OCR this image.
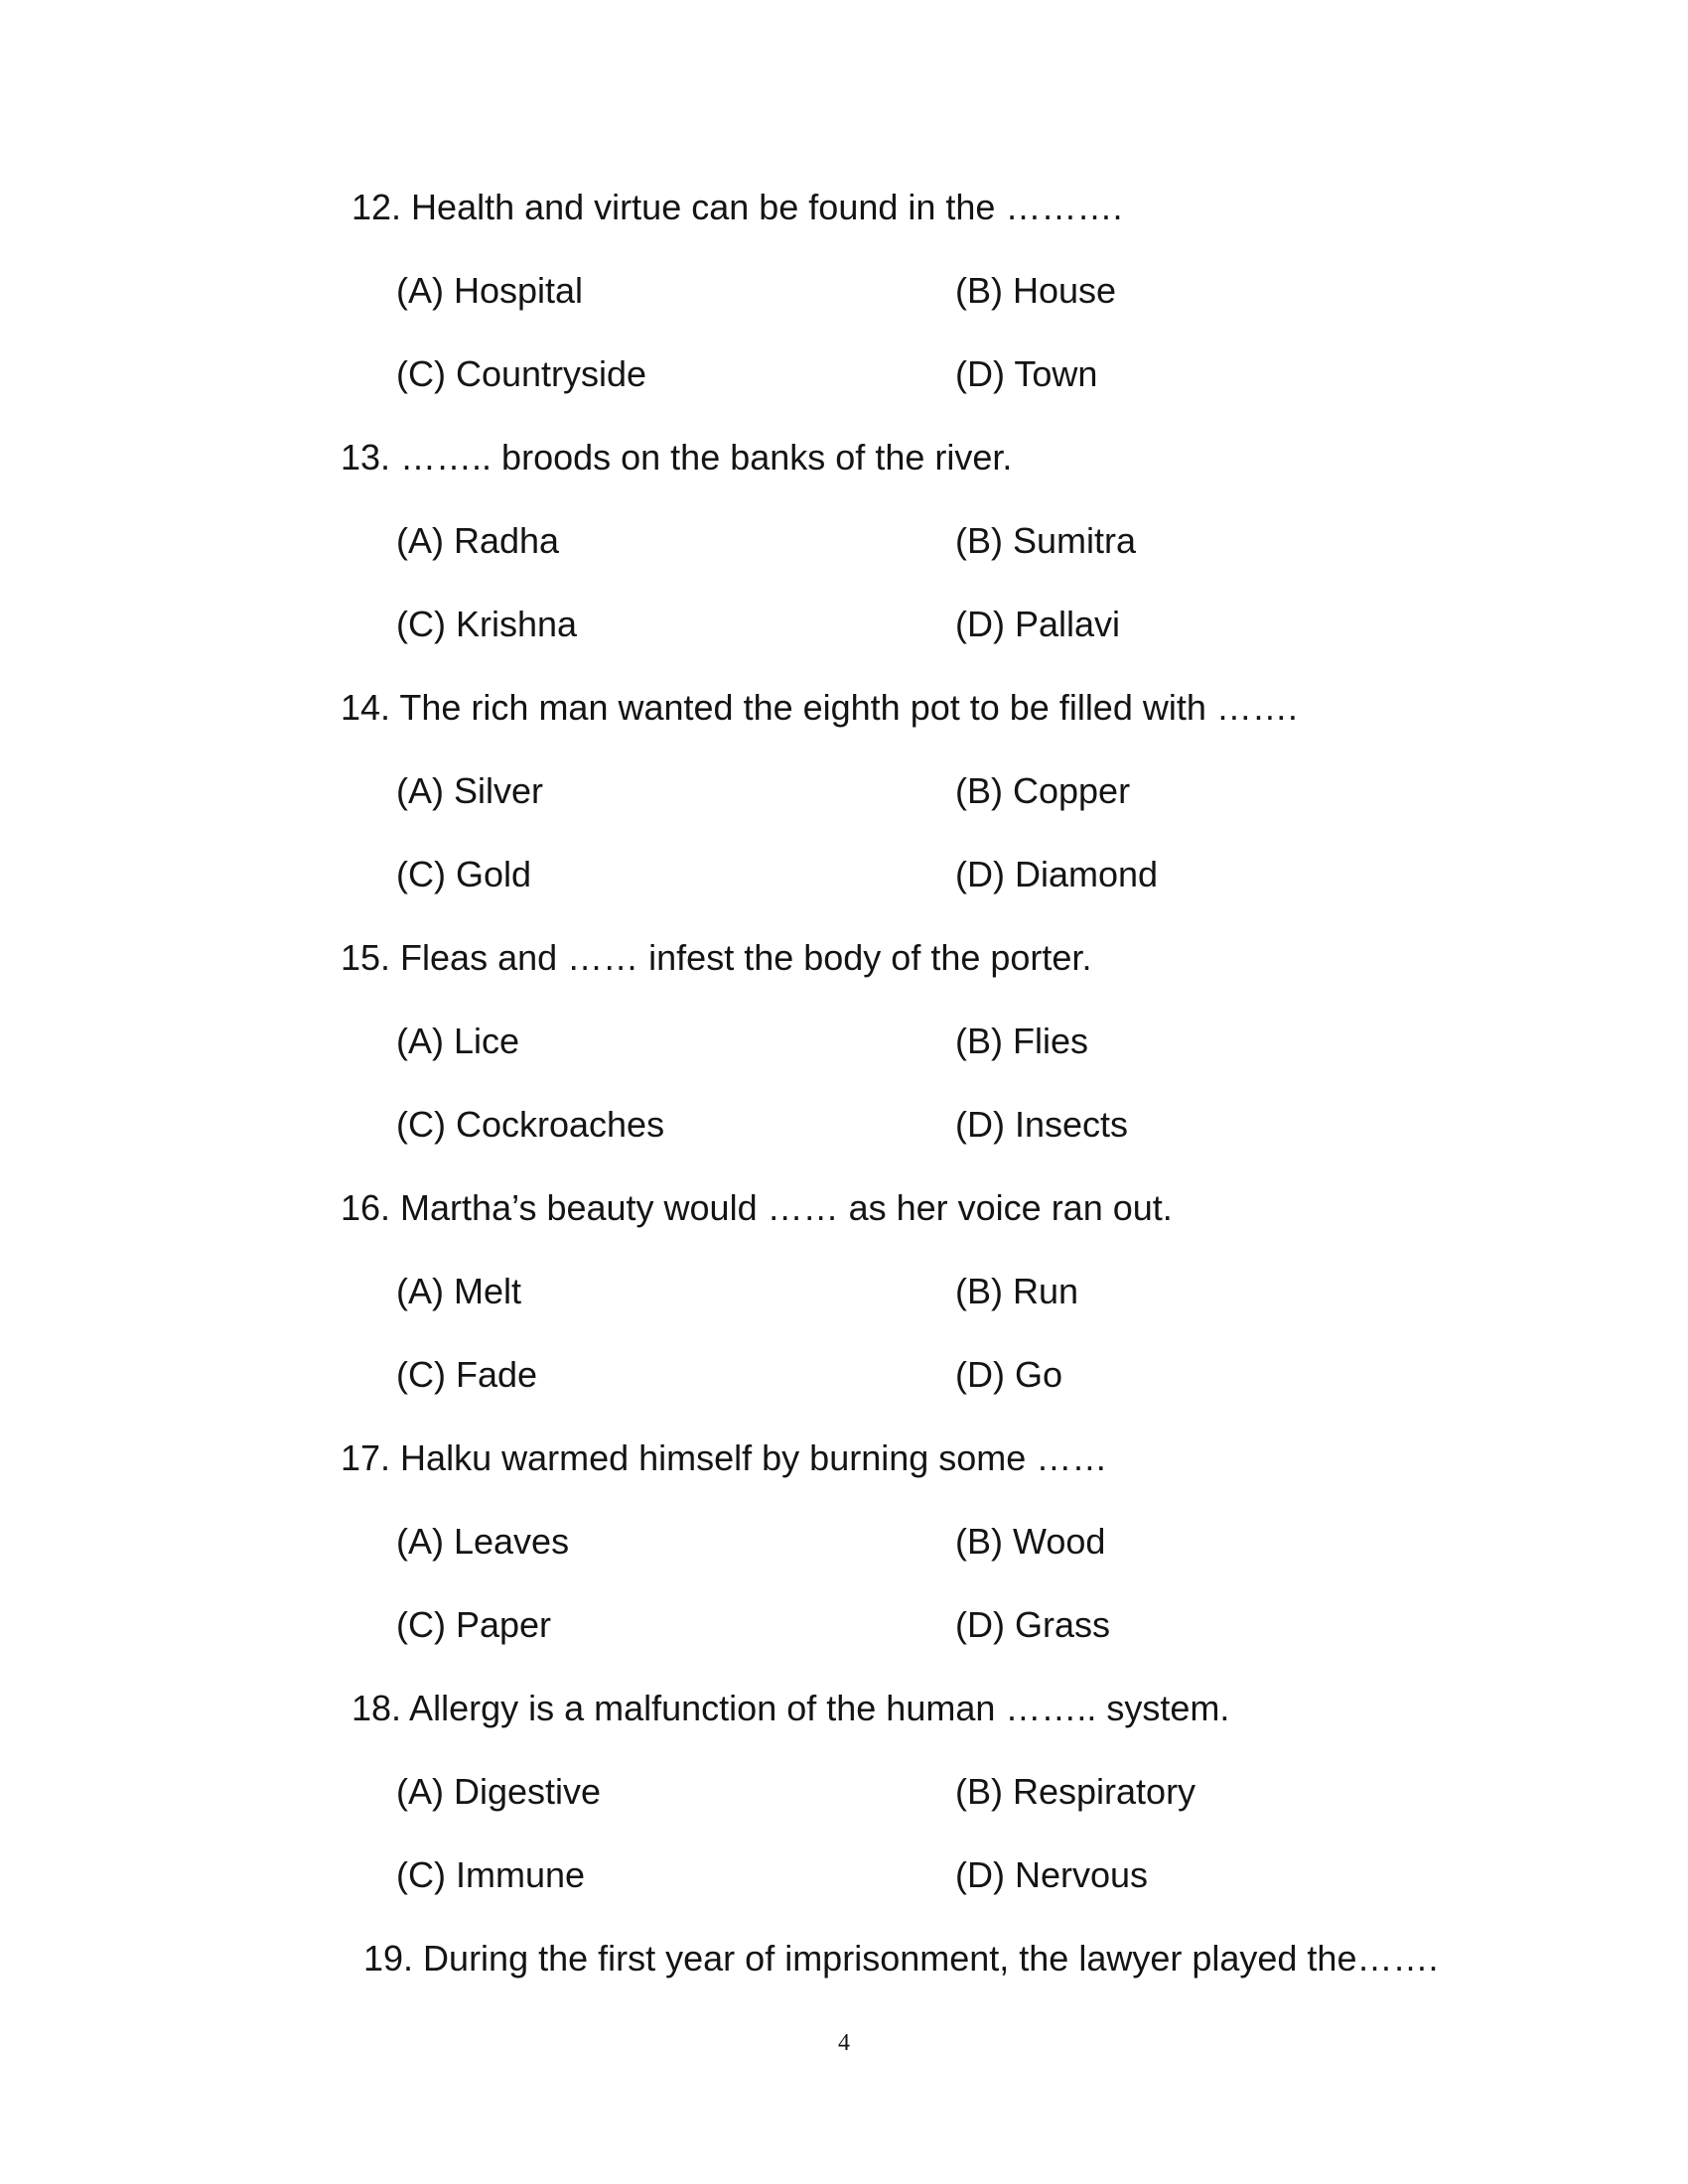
12. Health and virtue can be found in the ……….
(A) Hospital	(B) House
(C) Countryside	(D) Town
13. …….. broods on the banks of the river.
(A) Radha	(B) Sumitra
(C) Krishna	(D) Pallavi
14. The rich man wanted the eighth pot to be filled with …….
(A) Silver	(B) Copper
(C) Gold	(D) Diamond
15. Fleas and …… infest the body of the porter.
(A) Lice	(B) Flies
(C) Cockroaches	(D) Insects
16. Martha’s beauty would …… as her voice ran out.
(A) Melt	(B) Run
(C) Fade	(D) Go
17. Halku warmed himself by burning some ……
(A) Leaves	(B) Wood
(C) Paper	(D) Grass
18. Allergy is a malfunction of the human …….. system.
(A) Digestive	(B) Respiratory
(C) Immune	(D) Nervous
19. During the first year of imprisonment, the lawyer played the…….
4
